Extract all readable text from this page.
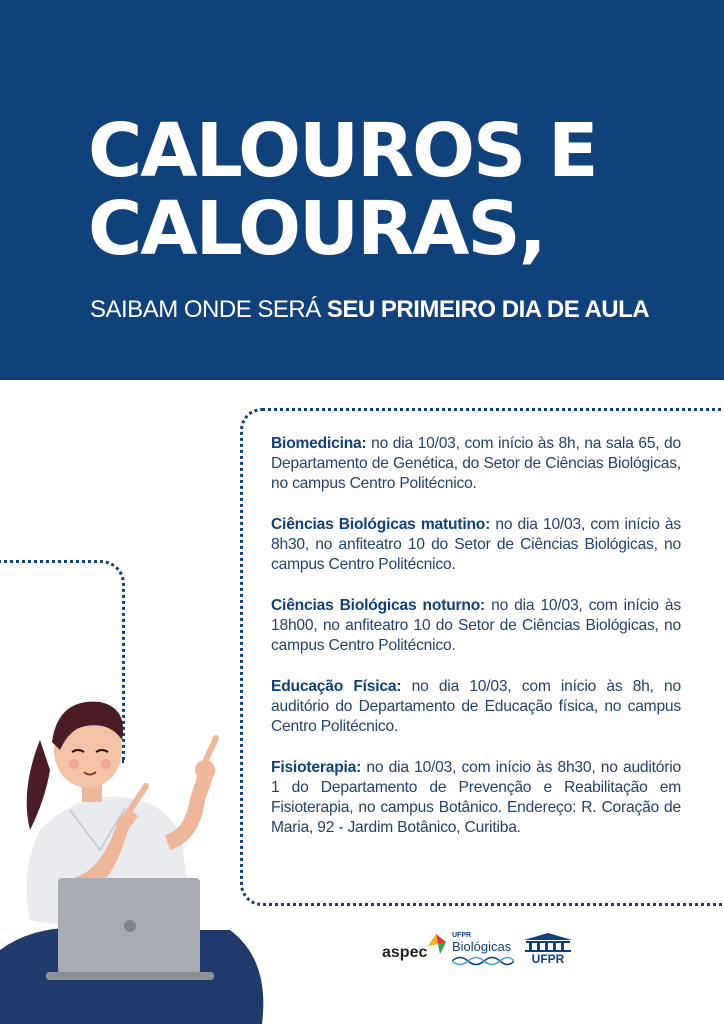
CALOUROS E
CALOURAS,
SAIBAM ONDE SERÁ SEU PRIMEIRO DIA DE AULA

Biomedicina: no dia 10/03, com início às 8h, na sala 65, do Departamento de Genética, do Setor de Ciências Biológicas, no campus Centro Politécnico.

Ciências Biológicas matutino: no dia 10/03, com início às 8h30, no anfiteatro 10 do Setor de Ciências Biológicas, no campus Centro Politécnico.

Ciências Biológicas noturno: no dia 10/03, com início às 18h00, no anfiteatro 10 do Setor de Ciências Biológicas, no campus Centro Politécnico.

Educação Física: no dia 10/03, com início às 8h, no auditório do Departamento de Educação física, no campus Centro Politécnico.

Fisioterapia: no dia 10/03, com início às 8h30, no auditório 1 do Departamento de Prevenção e Reabilitação em Fisioterapia, no campus Botânico. Endereço: R. Coração de Maria, 92 - Jardim Botânico, Curitiba.

aspec
UFPR
Biológicas
UFPR
